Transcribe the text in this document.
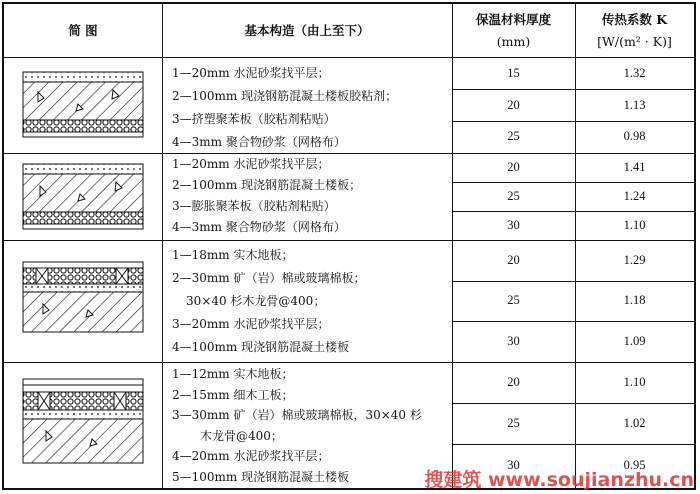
简 图	基本构造（由上至下）
保温材料厚度
(mm)
传热系数 K
[W/(m² · K)]
1—20mm 水泥砂浆找平层；
2—100mm 现浇钢筋混凝土楼板胶粘剂；
3—挤塑聚苯板（胶粘剂粘贴）
4—3mm 聚合物砂浆（网格布）
1—20mm 水泥砂浆找平层；
2—100mm 现浇钢筋混凝土楼板；
3—膨胀聚苯板（胶粘剂粘贴）
4—3mm 聚合物砂浆（网格布）
1—18mm 实木地板；
2—30mm 矿（岩）棉或玻璃棉板；
30×40 杉木龙骨@400；
3—20mm 水泥砂浆找平层；
4—100mm 现浇钢筋混凝土楼板
1—12mm 实木地板；
2—15mm 细木工板；
3—30mm 矿（岩）棉或玻璃棉板，30×40 杉
木龙骨@400；
4—20mm 水泥砂浆找平层；
5—100mm 现浇钢筋混凝土楼板
15
20
25
20
25
30
20
25
30
20
25
30
1.32
1.13
0.98
1.41
1.24
1.10
1.29
1.18
1.09
1.10
1.02
0.95
搜建筑 www.soujianzhu.cn
